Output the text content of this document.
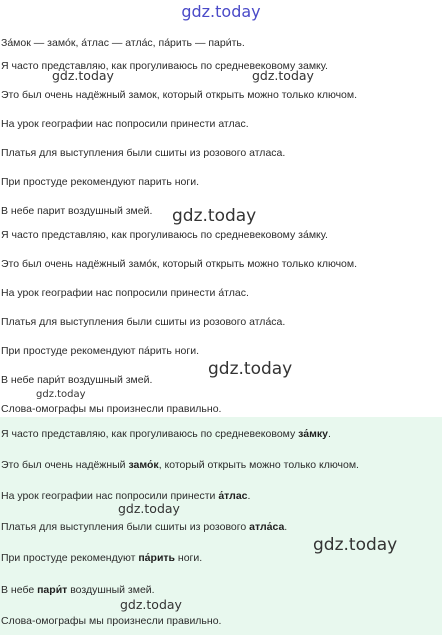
gdz.today
За́мок — замо́к, а́тлас — атла́с, па́рить — пари́ть.
Я часто представляю, как прогуливаюсь по средневековому замку.
Это был очень надёжный замок, который открыть можно только ключом.
На урок географии нас попросили принести атлас.
Платья для выступления были сшиты из розового атласа.
При простуде рекомендуют парить ноги.
В небе парит воздушный змей.
Я часто представляю, как прогуливаюсь по средневековому за́мку.
Это был очень надёжный замо́к, который открыть можно только ключом.
На урок географии нас попросили принести а́тлас.
Платья для выступления были сшиты из розового атла́са.
При простуде рекомендуют па́рить ноги.
В небе пари́т воздушный змей.
Слова-омографы мы произнесли правильно.
Я часто представляю, как прогуливаюсь по средневековому за́мку.
Это был очень надёжный замо́к, который открыть можно только ключом.
На урок географии нас попросили принести а́тлас.
Платья для выступления были сшиты из розового атла́са.
При простуде рекомендуют па́рить ноги.
В небе пари́т воздушный змей.
Слова-омографы мы произнесли правильно.
gdz.today	gdz.today
gdz.today
gdz.today
gdz.today
gdz.today
gdz.today
gdz.today
